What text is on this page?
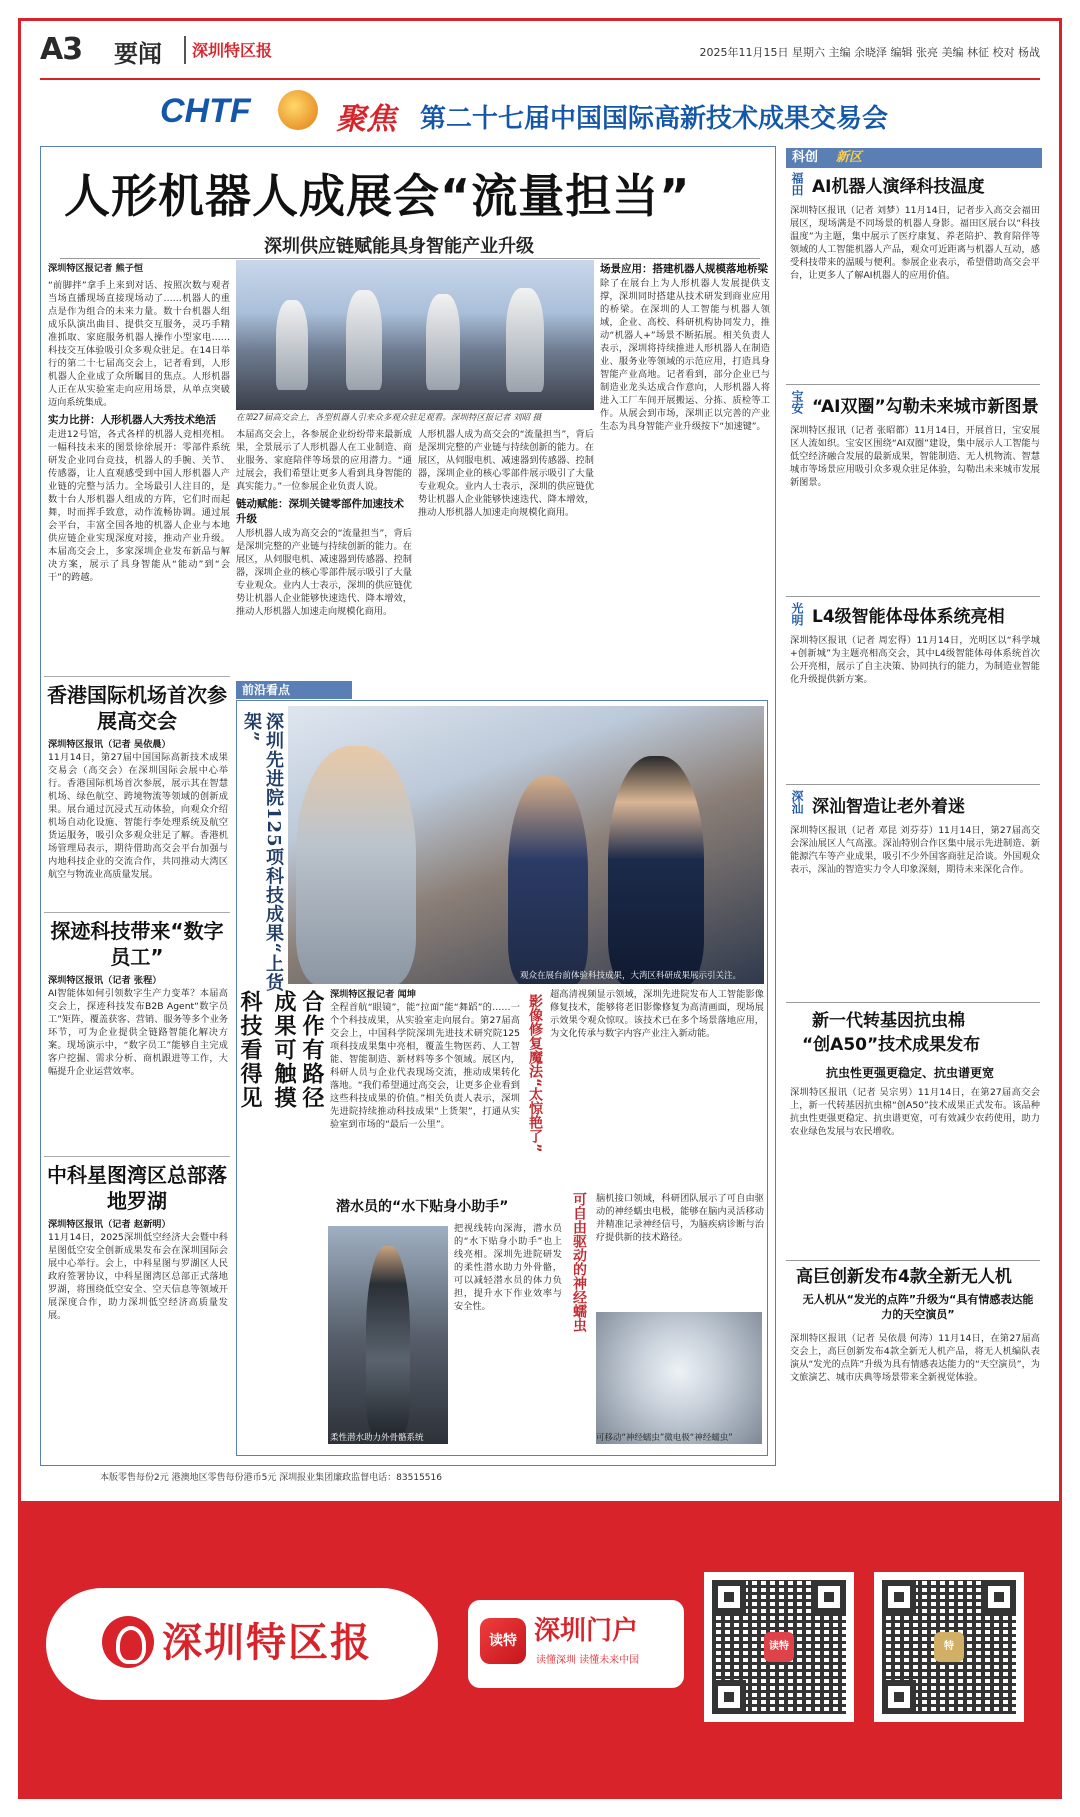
A3 要闻 深圳特区报	2025年11月15日 星期六 主编 余晓泽 编辑 张亮 美编 林征 校对 杨战
CHTF	聚焦 第二十七届中国国际高新技术成果交易会
人形机器人成展会“流量担当”
深圳供应链赋能具身智能产业升级
深圳特区报记者 熊子恒
“前脚拌”拿手上来到对话、按照次数与观者当场直播现场直接现场动了……机器人的重点是作为组合的未来力量。数十台机器人组成乐队演出曲目、提供交互服务，灵巧手精准抓取、家庭服务机器人操作小型家电……科技交互体验吸引众多观众驻足。在14日举行的第二十七届高交会上，记者看到，人形机器人企业成了众所瞩目的焦点。人形机器人正在从实验室走向应用场景，从单点突破迈向系统集成。
实力比拼：人形机器人大秀技术绝活
走进12号馆，各式各样的机器人竞相亮相。一幅科技未来的图景徐徐展开：零部件系统研发企业同台竞技，机器人的手腕、关节、传感器，让人直观感受到中国人形机器人产业链的完整与活力。全场最引人注目的，是数十台人形机器人组成的方阵，它们时而起舞，时而挥手致意，动作流畅协调。通过展会平台，丰富全国各地的机器人企业与本地供应链企业实现深度对接，推动产业升级。本届高交会上，多家深圳企业发布新品与解决方案，展示了具身智能从“能动”到“会干”的跨越。
在第27届高交会上，各型机器人引来众多观众驻足观看。深圳特区报记者 刘昭 摄
本届高交会上，各参展企业纷纷带来最新成果，全景展示了人形机器人在工业制造、商业服务、家庭陪伴等场景的应用潜力。“通过展会，我们希望让更多人看到具身智能的真实能力。”一位参展企业负责人说。
链动赋能：深圳关键零部件加速技术升级
人形机器人成为高交会的“流量担当”，背后是深圳完整的产业链与持续创新的能力。在展区，从伺服电机、减速器到传感器、控制器，深圳企业的核心零部件展示吸引了大量专业观众。业内人士表示，深圳的供应链优势让机器人企业能够快速迭代、降本增效，推动人形机器人加速走向规模化商用。
人形机器人成为高交会的“流量担当”，背后是深圳完整的产业链与持续创新的能力。在展区，从伺服电机、减速器到传感器、控制器，深圳企业的核心零部件展示吸引了大量专业观众。业内人士表示，深圳的供应链优势让机器人企业能够快速迭代、降本增效，推动人形机器人加速走向规模化商用。
场景应用：搭建机器人规模落地桥梁
除了在展台上为人形机器人发展提供支撑，深圳同时搭建从技术研发到商业应用的桥梁。在深圳的人工智能与机器人领域，企业、高校、科研机构协同发力，推动“机器人+”场景不断拓展。相关负责人表示，深圳将持续推进人形机器人在制造业、服务业等领域的示范应用，打造具身智能产业高地。记者看到，部分企业已与制造业龙头达成合作意向，人形机器人将进入工厂车间开展搬运、分拣、质检等工作。从展会到市场，深圳正以完善的产业生态为具身智能产业升级按下“加速键”。
香港国际机场首次参展高交会
深圳特区报讯（记者 吴依晨）
11月14日，第27届中国国际高新技术成果交易会（高交会）在深圳国际会展中心举行。香港国际机场首次参展，展示其在智慧机场、绿色航空、跨境物流等领域的创新成果。展台通过沉浸式互动体验，向观众介绍机场自动化设施、智能行李处理系统及航空货运服务，吸引众多观众驻足了解。香港机场管理局表示，期待借助高交会平台加强与内地科技企业的交流合作，共同推动大湾区航空与物流业高质量发展。
探迹科技带来“数字员工”
深圳特区报讯（记者 张程）
AI智能体如何引领数字生产力变革？本届高交会上，探迹科技发布B2B Agent“数字员工”矩阵，覆盖获客、营销、服务等多个业务环节，可为企业提供全链路智能化解决方案。现场演示中，“数字员工”能够自主完成客户挖掘、需求分析、商机跟进等工作，大幅提升企业运营效率。
中科星图湾区总部落地罗湖
深圳特区报讯（记者 赵新明）
11月14日，2025深圳低空经济大会暨中科星图低空安全创新成果发布会在深圳国际会展中心举行。会上，中科星图与罗湖区人民政府签署协议，中科星图湾区总部正式落地罗湖，将围绕低空安全、空天信息等领域开展深度合作，助力深圳低空经济高质量发展。
前沿看点
深圳先进院125项科技成果“上货架”
观众在展台前体验科技成果，大湾区科研成果展示引关注。
科技看得见 成果可触摸 合作有路径 深圳特区报记者 闻坤
全程首航“眼镜”，能“拉面”能“舞蹈”的……一个个科技成果，从实验室走向展台。第27届高交会上，中国科学院深圳先进技术研究院125项科技成果集中亮相，覆盖生物医药、人工智能、智能制造、新材料等多个领域。展区内，科研人员与企业代表现场交流，推动成果转化落地。“我们希望通过高交会，让更多企业看到这些科技成果的价值。”相关负责人表示，深圳先进院持续推动科技成果“上货架”，打通从实验室到市场的“最后一公里”。	影像修复魔法“太惊艳了” 超高清视频显示领域，深圳先进院发布人工智能影像修复技术，能够将老旧影像修复为高清画面，现场展示效果令观众惊叹。该技术已在多个场景落地应用，为文化传承与数字内容产业注入新动能。
潜水员的“水下贴身小助手”
柔性潜水助力外骨骼系统
把视线转向深海，潜水员的“水下贴身小助手”也上线亮相。深圳先进院研发的柔性潜水助力外骨骼，可以减轻潜水员的体力负担，提升水下作业效率与安全性。	可自由驱动的神经蠕虫 脑机接口领域，科研团队展示了可自由驱动的神经蠕虫电极，能够在脑内灵活移动并精准记录神经信号，为脑疾病诊断与治疗提供新的技术路径。
可移动“神经蠕虫”微电极“神经蠕虫”
科创 新区
福田 AI机器人演绎科技温度
深圳特区报讯（记者 刘梦）11月14日，记者步入高交会福田展区，现场满是不同场景的机器人身影。福田区展台以“科技温度”为主题，集中展示了医疗康复、养老陪护、教育陪伴等领域的人工智能机器人产品，观众可近距离与机器人互动，感受科技带来的温暖与便利。参展企业表示，希望借助高交会平台，让更多人了解AI机器人的应用价值。
宝安 “AI双圈”勾勒未来城市新图景
深圳特区报讯（记者 张昭都）11月14日，开展首日，宝安展区人流如织。宝安区围绕“AI双圈”建设，集中展示人工智能与低空经济融合发展的最新成果，智能制造、无人机物流、智慧城市等场景应用吸引众多观众驻足体验，勾勒出未来城市发展新图景。
光明 L4级智能体母体系统亮相
深圳特区报讯（记者 周宏得）11月14日，光明区以“科学城+创新城”为主题亮相高交会，其中L4级智能体母体系统首次公开亮相，展示了自主决策、协同执行的能力，为制造业智能化升级提供新方案。
深汕 深汕智造让老外着迷
深圳特区报讯（记者 邓昆 刘芬芬）11月14日，第27届高交会深汕展区人气高涨。深汕特别合作区集中展示先进制造、新能源汽车等产业成果，吸引不少外国客商驻足洽谈。外国观众表示，深汕的智造实力令人印象深刻，期待未来深化合作。
新一代转基因抗虫棉
“创A50”技术成果发布
抗虫性更强更稳定、抗虫谱更宽
深圳特区报讯（记者 吴宗男）11月14日，在第27届高交会上，新一代转基因抗虫棉“创A50”技术成果正式发布。该品种抗虫性更强更稳定、抗虫谱更宽，可有效减少农药使用，助力农业绿色发展与农民增收。
高巨创新发布4款全新无人机
无人机从“发光的点阵”升级为“具有情感表达能力的天空演员”
深圳特区报讯（记者 吴依晨 何涛）11月14日，在第27届高交会上，高巨创新发布4款全新无人机产品，将无人机编队表演从“发光的点阵”升级为具有情感表达能力的“天空演员”，为文旅演艺、城市庆典等场景带来全新视觉体验。
本版零售每份2元 港澳地区零售每份港币5元 深圳报业集团廉政监督电话：83515516
深圳特区报	读特 深圳门户
读懂深圳 读懂未来中国
读特	特
